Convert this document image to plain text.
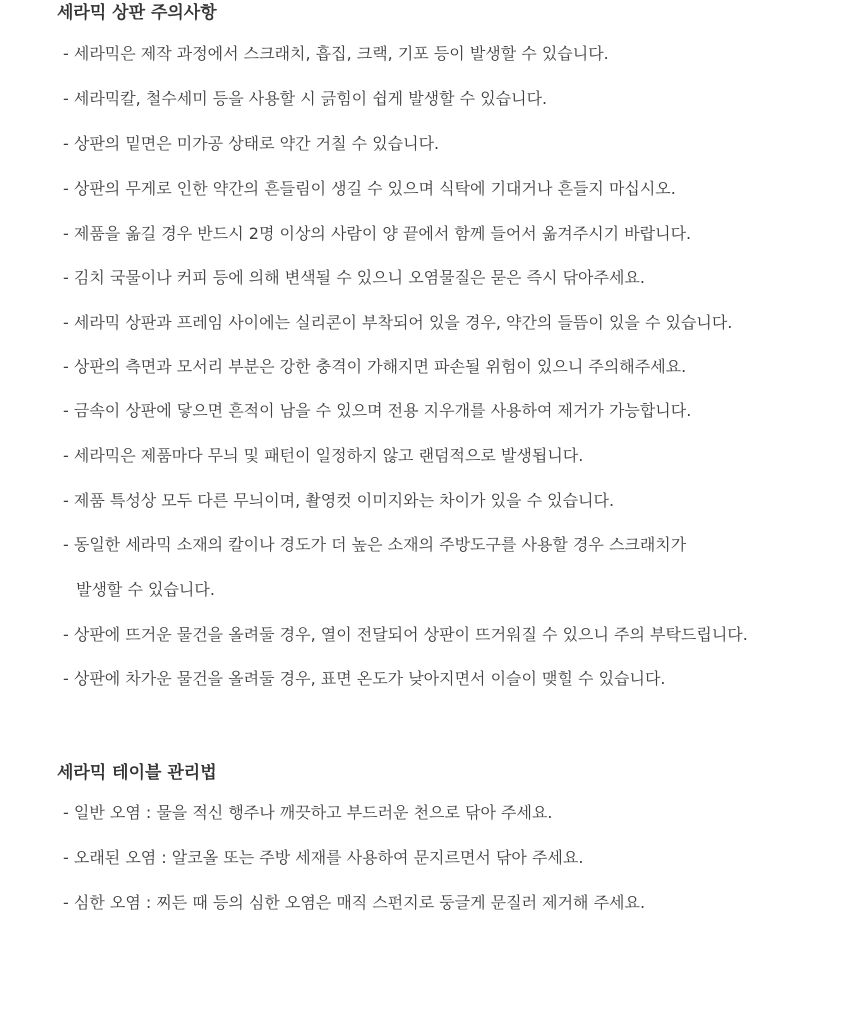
세라믹 상판 주의사항

- 세라믹은 제작 과정에서 스크래치, 흡집, 크랙, 기포 등이 발생할 수 있습니다.

- 세라믹칼, 철수세미 등을 사용할 시 긁힘이 쉽게 발생할 수 있습니다.

- 상판의 밑면은 미가공 상태로 약간 거칠 수 있습니다.

- 상판의 무게로 인한 약간의 흔들림이 생길 수 있으며 식탁에 기대거나 흔들지 마십시오.

- 제품을 옮길 경우 반드시 2명 이상의 사람이 양 끝에서 함께 들어서 옮겨주시기 바랍니다.

- 김치 국물이나 커피 등에 의해 변색될 수 있으니 오염물질은 묻은 즉시 닦아주세요.

- 세라믹 상판과 프레임 사이에는 실리콘이 부착되어 있을 경우, 약간의 들뜸이 있을 수 있습니다.

- 상판의 측면과 모서리 부분은 강한 충격이 가해지면 파손될 위험이 있으니 주의해주세요.

- 금속이 상판에 닿으면 흔적이 남을 수 있으며 전용 지우개를 사용하여 제거가 가능합니다.

- 세라믹은 제품마다 무늬 및 패턴이 일정하지 않고 랜덤적으로 발생됩니다.

- 제품 특성상 모두 다른 무늬이며, 촬영컷 이미지와는 차이가 있을 수 있습니다.

- 동일한 세라믹 소재의 칼이나 경도가 더 높은 소재의 주방도구를 사용할 경우 스크래치가

발생할 수 있습니다.

- 상판에 뜨거운 물건을 올려둘 경우, 열이 전달되어 상판이 뜨거워질 수 있으니 주의 부탁드립니다.

- 상판에 차가운 물건을 올려둘 경우, 표면 온도가 낮아지면서 이슬이 맺힐 수 있습니다.

세라믹 테이블 관리법

- 일반 오염 : 물을 적신 행주나 깨끗하고 부드러운 천으로 닦아 주세요.

- 오래된 오염 : 알코올 또는 주방 세재를 사용하여 문지르면서 닦아 주세요.

- 심한 오염 : 찌든 때 등의 심한 오염은 매직 스펀지로 둥글게 문질러 제거해 주세요.
